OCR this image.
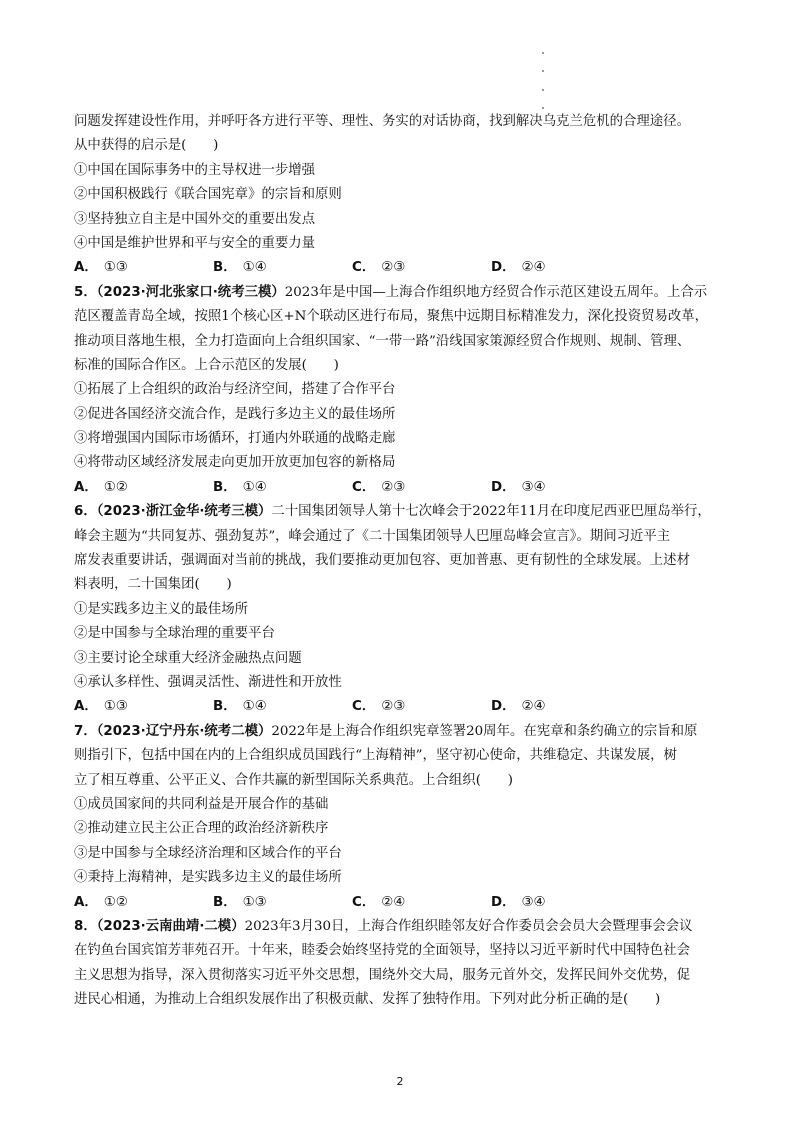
问题发挥建设性作用，并呼吁各方进行平等、理性、务实的对话协商，找到解决乌克兰危机的合理途径。
从中获得的启示是(　　)
①中国在国际事务中的主导权进一步增强
②中国积极践行《联合国宪章》的宗旨和原则
③坚持独立自主是中国外交的重要出发点
④中国是维护世界和平与安全的重要力量
A． ①③	B． ①④	C． ②③	D． ②④
5．（2023·河北张家口·统考三模）2023年是中国—上海合作组织地方经贸合作示范区建设五周年。上合示
范区覆盖青岛全域，按照1个核心区+N个联动区进行布局，聚焦中远期目标精准发力，深化投资贸易改革，
推动项目落地生根，全力打造面向上合组织国家、“一带一路”沿线国家策源经贸合作规则、规制、管理、
标准的国际合作区。上合示范区的发展(　　)
①拓展了上合组织的政治与经济空间，搭建了合作平台
②促进各国经济交流合作，是践行多边主义的最佳场所
③将增强国内国际市场循环，打通内外联通的战略走廊
④将带动区域经济发展走向更加开放更加包容的新格局
A． ①②	B． ①④	C． ②③	D． ③④
6．（2023·浙江金华·统考三模）二十国集团领导人第十七次峰会于2022年11月在印度尼西亚巴厘岛举行，
峰会主题为“共同复苏、强劲复苏”，峰会通过了《二十国集团领导人巴厘岛峰会宣言》。期间习近平主
席发表重要讲话，强调面对当前的挑战，我们要推动更加包容、更加普惠、更有韧性的全球发展。上述材
料表明，二十国集团(　　)
①是实践多边主义的最佳场所
②是中国参与全球治理的重要平台
③主要讨论全球重大经济金融热点问题
④承认多样性、强调灵活性、渐进性和开放性
A． ①③	B． ①④	C． ②③	D． ②④
7．（2023·辽宁丹东·统考二模）2022年是上海合作组织宪章签署20周年。在宪章和条约确立的宗旨和原
则指引下，包括中国在内的上合组织成员国践行“上海精神”，坚守初心使命，共维稳定、共谋发展，树
立了相互尊重、公平正义、合作共赢的新型国际关系典范。上合组织(　　)
①成员国家间的共同利益是开展合作的基础
②推动建立民主公正合理的政治经济新秩序
③是中国参与全球经济治理和区域合作的平台
④秉持上海精神，是实践多边主义的最佳场所
A． ①②	B． ①③	C． ②④	D． ③④
8．（2023·云南曲靖·二模）2023年3月30日，上海合作组织睦邻友好合作委员会会员大会暨理事会会议
在钓鱼台国宾馆芳菲苑召开。十年来，睦委会始终坚持党的全面领导，坚持以习近平新时代中国特色社会
主义思想为指导，深入贯彻落实习近平外交思想，围绕外交大局，服务元首外交，发挥民间外交优势，促
进民心相通，为推动上合组织发展作出了积极贡献、发挥了独特作用。下列对此分析正确的是(　　)
2
